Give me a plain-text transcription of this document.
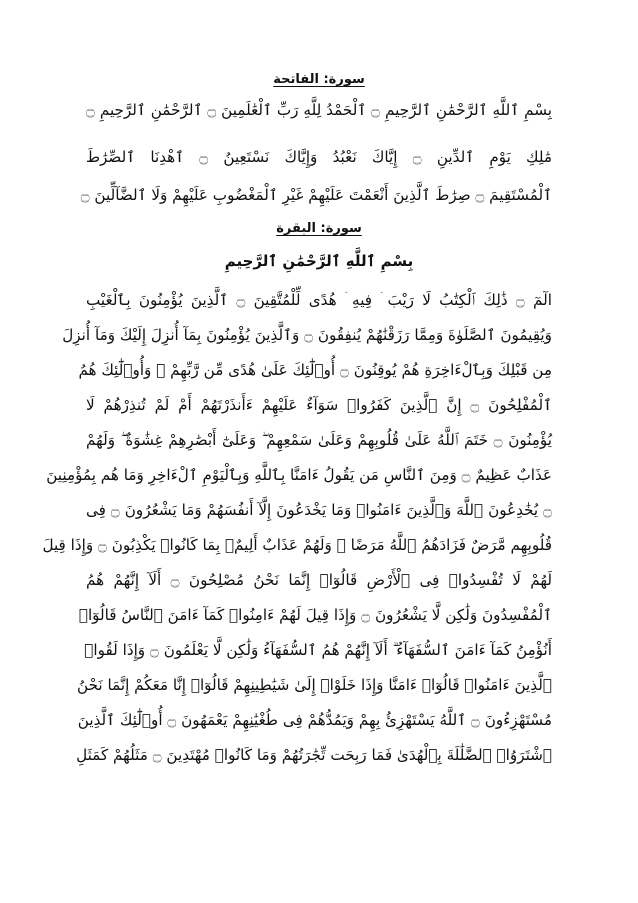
سورة: الفاتحة
بِسْمِ ٱللَّهِ ٱلرَّحْمَٰنِ ٱلرَّحِيمِ ۝ ٱلْحَمْدُ لِلَّهِ رَبِّ ٱلْعَٰلَمِينَ ۝ ٱلرَّحْمَٰنِ ٱلرَّحِيمِ ۝
مَٰلِكِ يَوْمِ ٱلدِّينِ ۝ إِيَّاكَ نَعْبُدُ وَإِيَّاكَ نَسْتَعِينُ ۝ ٱهْدِنَا ٱلصِّرَٰطَ
ٱلْمُسْتَقِيمَ ۝ صِرَٰطَ ٱلَّذِينَ أَنْعَمْتَ عَلَيْهِمْ غَيْرِ ٱلْمَغْضُوبِ عَلَيْهِمْ وَلَا ٱلضَّآلِّينَ ۝
سورة: البقرة
بِسْمِ ٱللَّهِ ٱلرَّحْمَٰنِ ٱلرَّحِيمِ
الٓمٓ ۝ ذَٰلِكَ ٱلْكِتَٰبُ لَا رَيْبَ ۛ فِيهِ ۛ هُدًى لِّلْمُتَّقِينَ ۝ ٱلَّذِينَ يُؤْمِنُونَ بِٱلْغَيْبِ
وَيُقِيمُونَ ٱلصَّلَوٰةَ وَمِمَّا رَزَقْنَٰهُمْ يُنفِقُونَ ۝ وَٱلَّذِينَ يُؤْمِنُونَ بِمَآ أُنزِلَ إِلَيْكَ وَمَآ أُنزِلَ
مِن قَبْلِكَ وَبِٱلْءَاخِرَةِ هُمْ يُوقِنُونَ ۝ أُو۟لَٰٓئِكَ عَلَىٰ هُدًى مِّن رَّبِّهِمْ ۖ وَأُو۟لَٰٓئِكَ هُمُ
ٱلْمُفْلِحُونَ ۝ إِنَّ ٱلَّذِينَ كَفَرُوا۟ سَوَآءٌ عَلَيْهِمْ ءَأَنذَرْتَهُمْ أَمْ لَمْ تُنذِرْهُمْ لَا
يُؤْمِنُونَ ۝ خَتَمَ ٱللَّهُ عَلَىٰ قُلُوبِهِمْ وَعَلَىٰ سَمْعِهِمْ ۖ وَعَلَىٰٓ أَبْصَٰرِهِمْ غِشَٰوَةٌ ۖ وَلَهُمْ
عَذَابٌ عَظِيمٌ ۝ وَمِنَ ٱلنَّاسِ مَن يَقُولُ ءَامَنَّا بِٱللَّهِ وَبِٱلْيَوْمِ ٱلْءَاخِرِ وَمَا هُم بِمُؤْمِنِينَ
۝ يُخَٰدِعُونَ ٱللَّهَ وَٱلَّذِينَ ءَامَنُوا۟ وَمَا يَخْدَعُونَ إِلَّآ أَنفُسَهُمْ وَمَا يَشْعُرُونَ ۝ فِى
قُلُوبِهِم مَّرَضٌ فَزَادَهُمُ ٱللَّهُ مَرَضًا ۖ وَلَهُمْ عَذَابٌ أَلِيمٌۢ بِمَا كَانُوا۟ يَكْذِبُونَ ۝ وَإِذَا قِيلَ
لَهُمْ لَا تُفْسِدُوا۟ فِى ٱلْأَرْضِ قَالُوٓا۟ إِنَّمَا نَحْنُ مُصْلِحُونَ ۝ أَلَآ إِنَّهُمْ هُمُ
ٱلْمُفْسِدُونَ وَلَٰكِن لَّا يَشْعُرُونَ ۝ وَإِذَا قِيلَ لَهُمْ ءَامِنُوا۟ كَمَآ ءَامَنَ ٱلنَّاسُ قَالُوٓا۟
أَنُؤْمِنُ كَمَآ ءَامَنَ ٱلسُّفَهَآءُ ۗ أَلَآ إِنَّهُمْ هُمُ ٱلسُّفَهَآءُ وَلَٰكِن لَّا يَعْلَمُونَ ۝ وَإِذَا لَقُوا۟
ٱلَّذِينَ ءَامَنُوا۟ قَالُوٓا۟ ءَامَنَّا وَإِذَا خَلَوْا۟ إِلَىٰ شَيَٰطِينِهِمْ قَالُوٓا۟ إِنَّا مَعَكُمْ إِنَّمَا نَحْنُ
مُسْتَهْزِءُونَ ۝ ٱللَّهُ يَسْتَهْزِئُ بِهِمْ وَيَمُدُّهُمْ فِى طُغْيَٰنِهِمْ يَعْمَهُونَ ۝ أُو۟لَٰٓئِكَ ٱلَّذِينَ
ٱشْتَرَوُا۟ ٱلضَّلَٰلَةَ بِٱلْهُدَىٰ فَمَا رَبِحَت تِّجَٰرَتُهُمْ وَمَا كَانُوا۟ مُهْتَدِينَ ۝ مَثَلُهُمْ كَمَثَلِ
